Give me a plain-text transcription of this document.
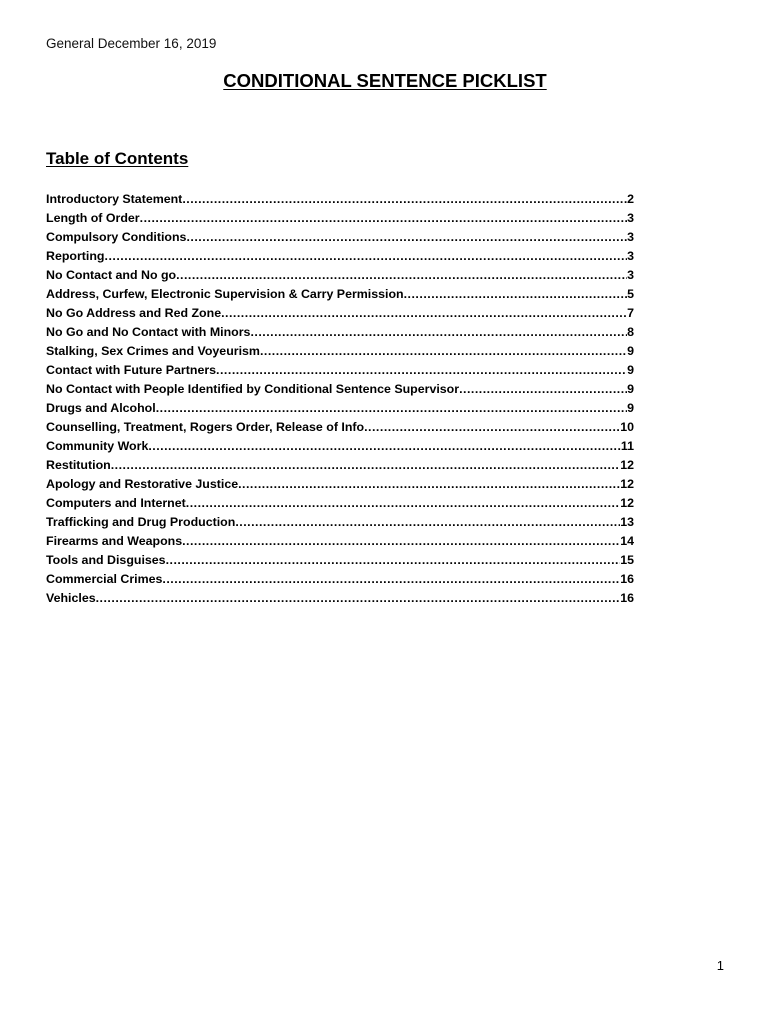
General December 16, 2019
CONDITIONAL SENTENCE PICKLIST
Table of Contents
Introductory Statement .....	2
Length of Order .....	3
Compulsory Conditions .....	3
Reporting .....	3
No Contact and No go .....	3
Address, Curfew, Electronic Supervision & Carry Permission .....	5
No Go Address and Red Zone .....	7
No Go and No Contact with Minors .....	8
Stalking, Sex Crimes and Voyeurism .....	9
Contact with Future Partners .....	9
No Contact with People Identified by Conditional Sentence Supervisor .....	9
Drugs and Alcohol .....	9
Counselling, Treatment, Rogers Order, Release of Info .....	10
Community Work .....	11
Restitution .....	12
Apology and Restorative Justice .....	12
Computers and Internet .....	12
Trafficking and Drug Production .....	13
Firearms and Weapons .....	14
Tools and Disguises .....	15
Commercial Crimes .....	16
Vehicles .....	16
1
